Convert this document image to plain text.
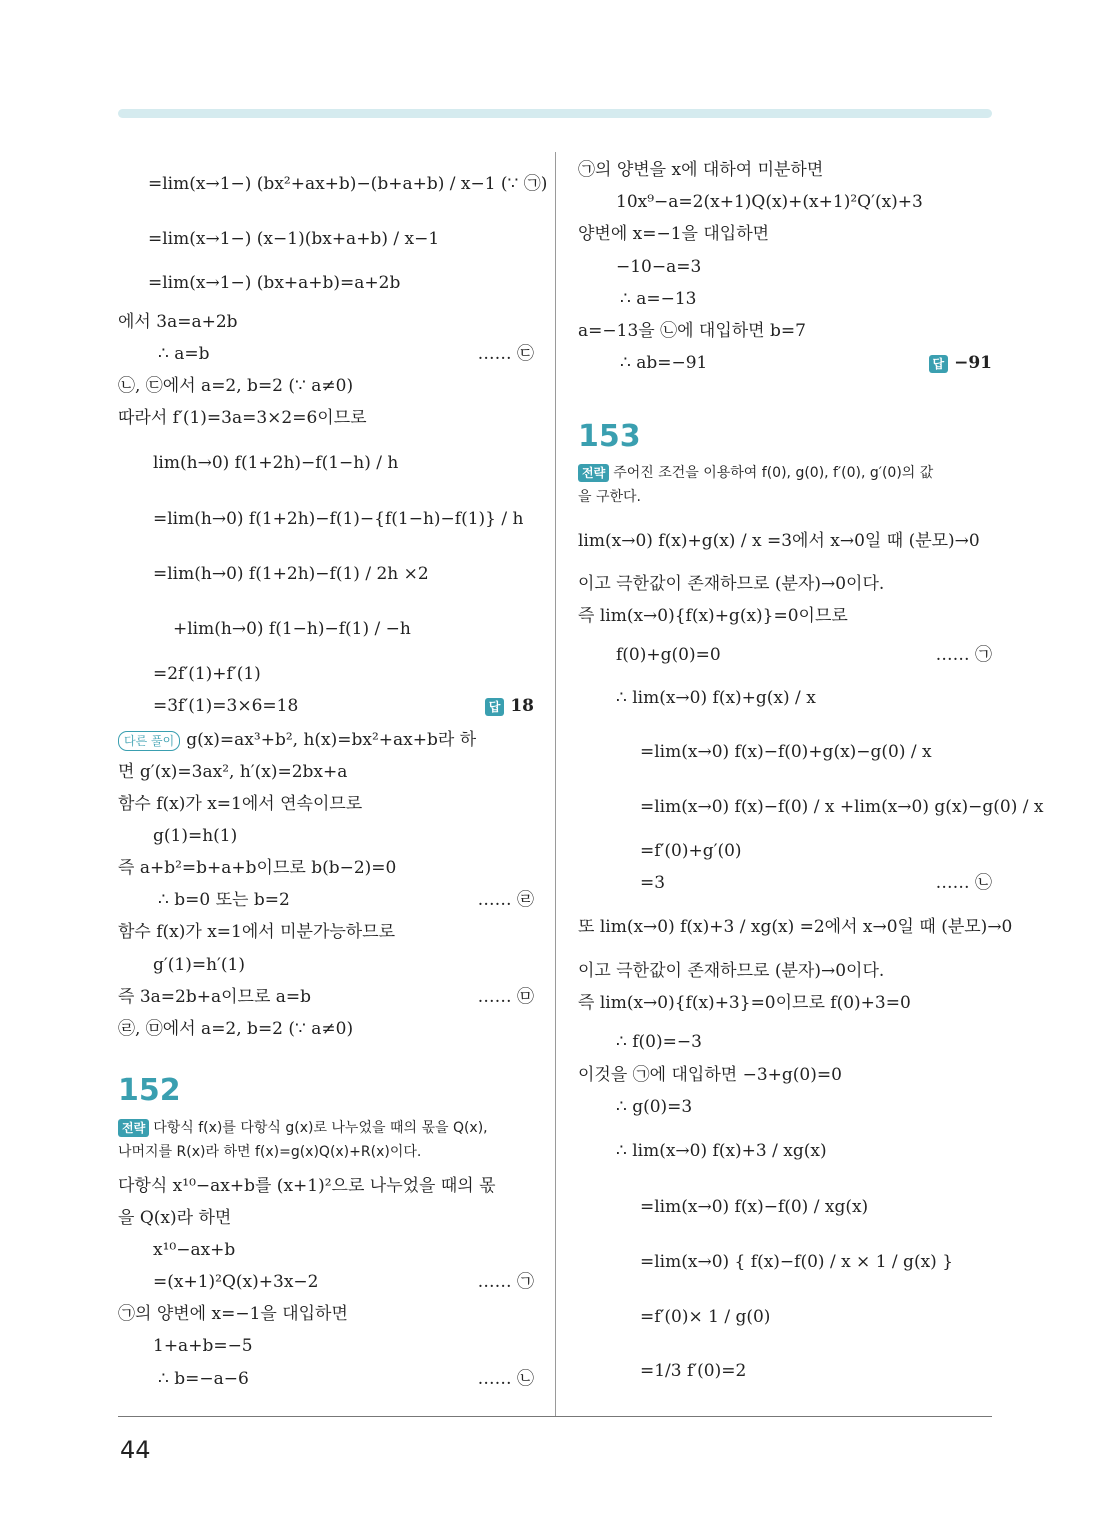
=lim(x→1−) (bx²+ax+b)−(b+a+b) / x−1 (∵ ㉠)
=lim(x→1−) (x−1)(bx+a+b) / x−1
=lim(x→1−) (bx+a+b)=a+2b
에서 3a=a+2b
∴ a=b
㉡, ㉢에서 a=2, b=2 (∵ a≠0)
따라서 f′(1)=3a=3×2=6이므로
lim(h→0) f(1+2h)−f(1−h) / h
=lim(h→0) f(1+2h)−f(1)−{f(1−h)−f(1)} / h
=lim(h→0) f(1+2h)−f(1) / 2h ×2
+lim(h→0) f(1−h)−f(1) / −h
=2f′(1)+f′(1)
=3f′(1)=3×6=18
다른 풀이 g(x)=ax³+b², h(x)=bx²+ax+b라 하
면 g′(x)=3ax², h′(x)=2bx+a
함수 f(x)가 x=1에서 연속이므로
g(1)=h(1)
즉 a+b²=b+a+b이므로 b(b−2)=0
∴ b=0 또는 b=2
함수 f(x)가 x=1에서 미분가능하므로
g′(1)=h′(1)
즉 3a=2b+a이므로 a=b
㉣, ㉤에서 a=2, b=2 (∵ a≠0)
전략 다항식 f(x)를 다항식 g(x)로 나누었을 때의 몫을 Q(x),
나머지를 R(x)라 하면 f(x)=g(x)Q(x)+R(x)이다.
다항식 x¹⁰−ax+b를 (x+1)²으로 나누었을 때의 몫
을 Q(x)라 하면
x¹⁰−ax+b
=(x+1)²Q(x)+3x−2
㉠의 양변에 x=−1을 대입하면
1+a+b=−5
∴ b=−a−6
…… ㉢
답 18
…… ㉣
…… ㉤
…… ㉠
…… ㉡
152
㉠의 양변을 x에 대하여 미분하면
10x⁹−a=2(x+1)Q(x)+(x+1)²Q′(x)+3
양변에 x=−1을 대입하면
−10−a=3
∴ a=−13
a=−13을 ㉡에 대입하면 b=7
∴ ab=−91
전략 주어진 조건을 이용하여 f(0), g(0), f′(0), g′(0)의 값
을 구한다.
lim(x→0) f(x)+g(x) / x =3에서 x→0일 때 (분모)→0
이고 극한값이 존재하므로 (분자)→0이다.
즉 lim(x→0){f(x)+g(x)}=0이므로
f(0)+g(0)=0
∴ lim(x→0) f(x)+g(x) / x
=lim(x→0) f(x)−f(0)+g(x)−g(0) / x
=lim(x→0) f(x)−f(0) / x +lim(x→0) g(x)−g(0) / x
=f′(0)+g′(0)
=3
또 lim(x→0) f(x)+3 / xg(x) =2에서 x→0일 때 (분모)→0
이고 극한값이 존재하므로 (분자)→0이다.
즉 lim(x→0){f(x)+3}=0이므로 f(0)+3=0
∴ f(0)=−3
이것을 ㉠에 대입하면 −3+g(0)=0
∴ g(0)=3
∴ lim(x→0) f(x)+3 / xg(x)
=lim(x→0) f(x)−f(0) / xg(x)
=lim(x→0) { f(x)−f(0) / x × 1 / g(x) }
=f′(0)× 1 / g(0)
=1/3 f′(0)=2
답 −91
…… ㉠
…… ㉡
153
44
